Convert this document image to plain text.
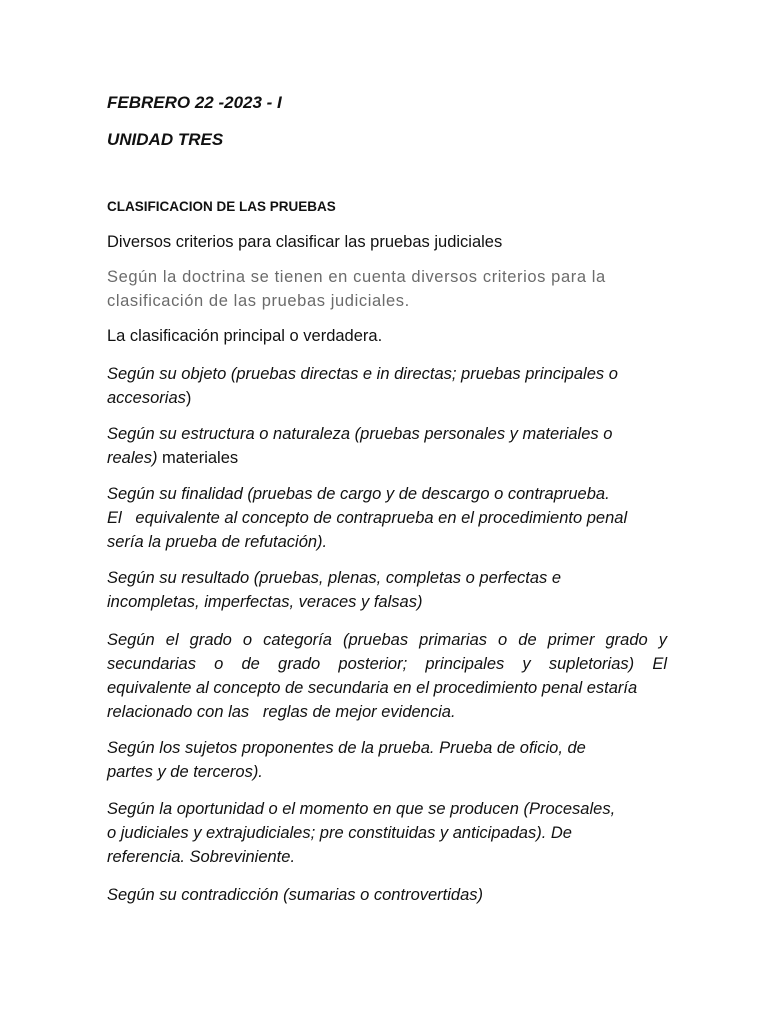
FEBRERO 22 -2023 - I

UNIDAD TRES

CLASIFICACION DE LAS PRUEBAS

Diversos criterios para clasificar las pruebas judiciales

Según la doctrina se tienen en cuenta diversos criterios para la
clasificación de las pruebas judiciales.

La clasificación principal o verdadera.

Según su objeto (pruebas directas e in directas; pruebas principales o
accesorias)
Según su estructura o naturaleza (pruebas personales y materiales o
reales) materiales
Según su finalidad (pruebas de cargo y de descargo o contraprueba.
El   equivalente al concepto de contraprueba en el procedimiento penal
sería la prueba de refutación).
Según su resultado (pruebas, plenas, completas o perfectas e
incompletas, imperfectas, veraces y falsas)
Según el grado o categoría (pruebas primarias o de primer grado y
secundarias o de grado posterior; principales y supletorias) El
equivalente al concepto de secundaria en el procedimiento penal estaría
relacionado con las   reglas de mejor evidencia.
Según los sujetos proponentes de la prueba. Prueba de oficio, de
partes y de terceros).
Según la oportunidad o el momento en que se producen (Procesales,
o judiciales y extrajudiciales; pre constituidas y anticipadas). De
referencia. Sobreviniente.
Según su contradicción (sumarias o controvertidas)
